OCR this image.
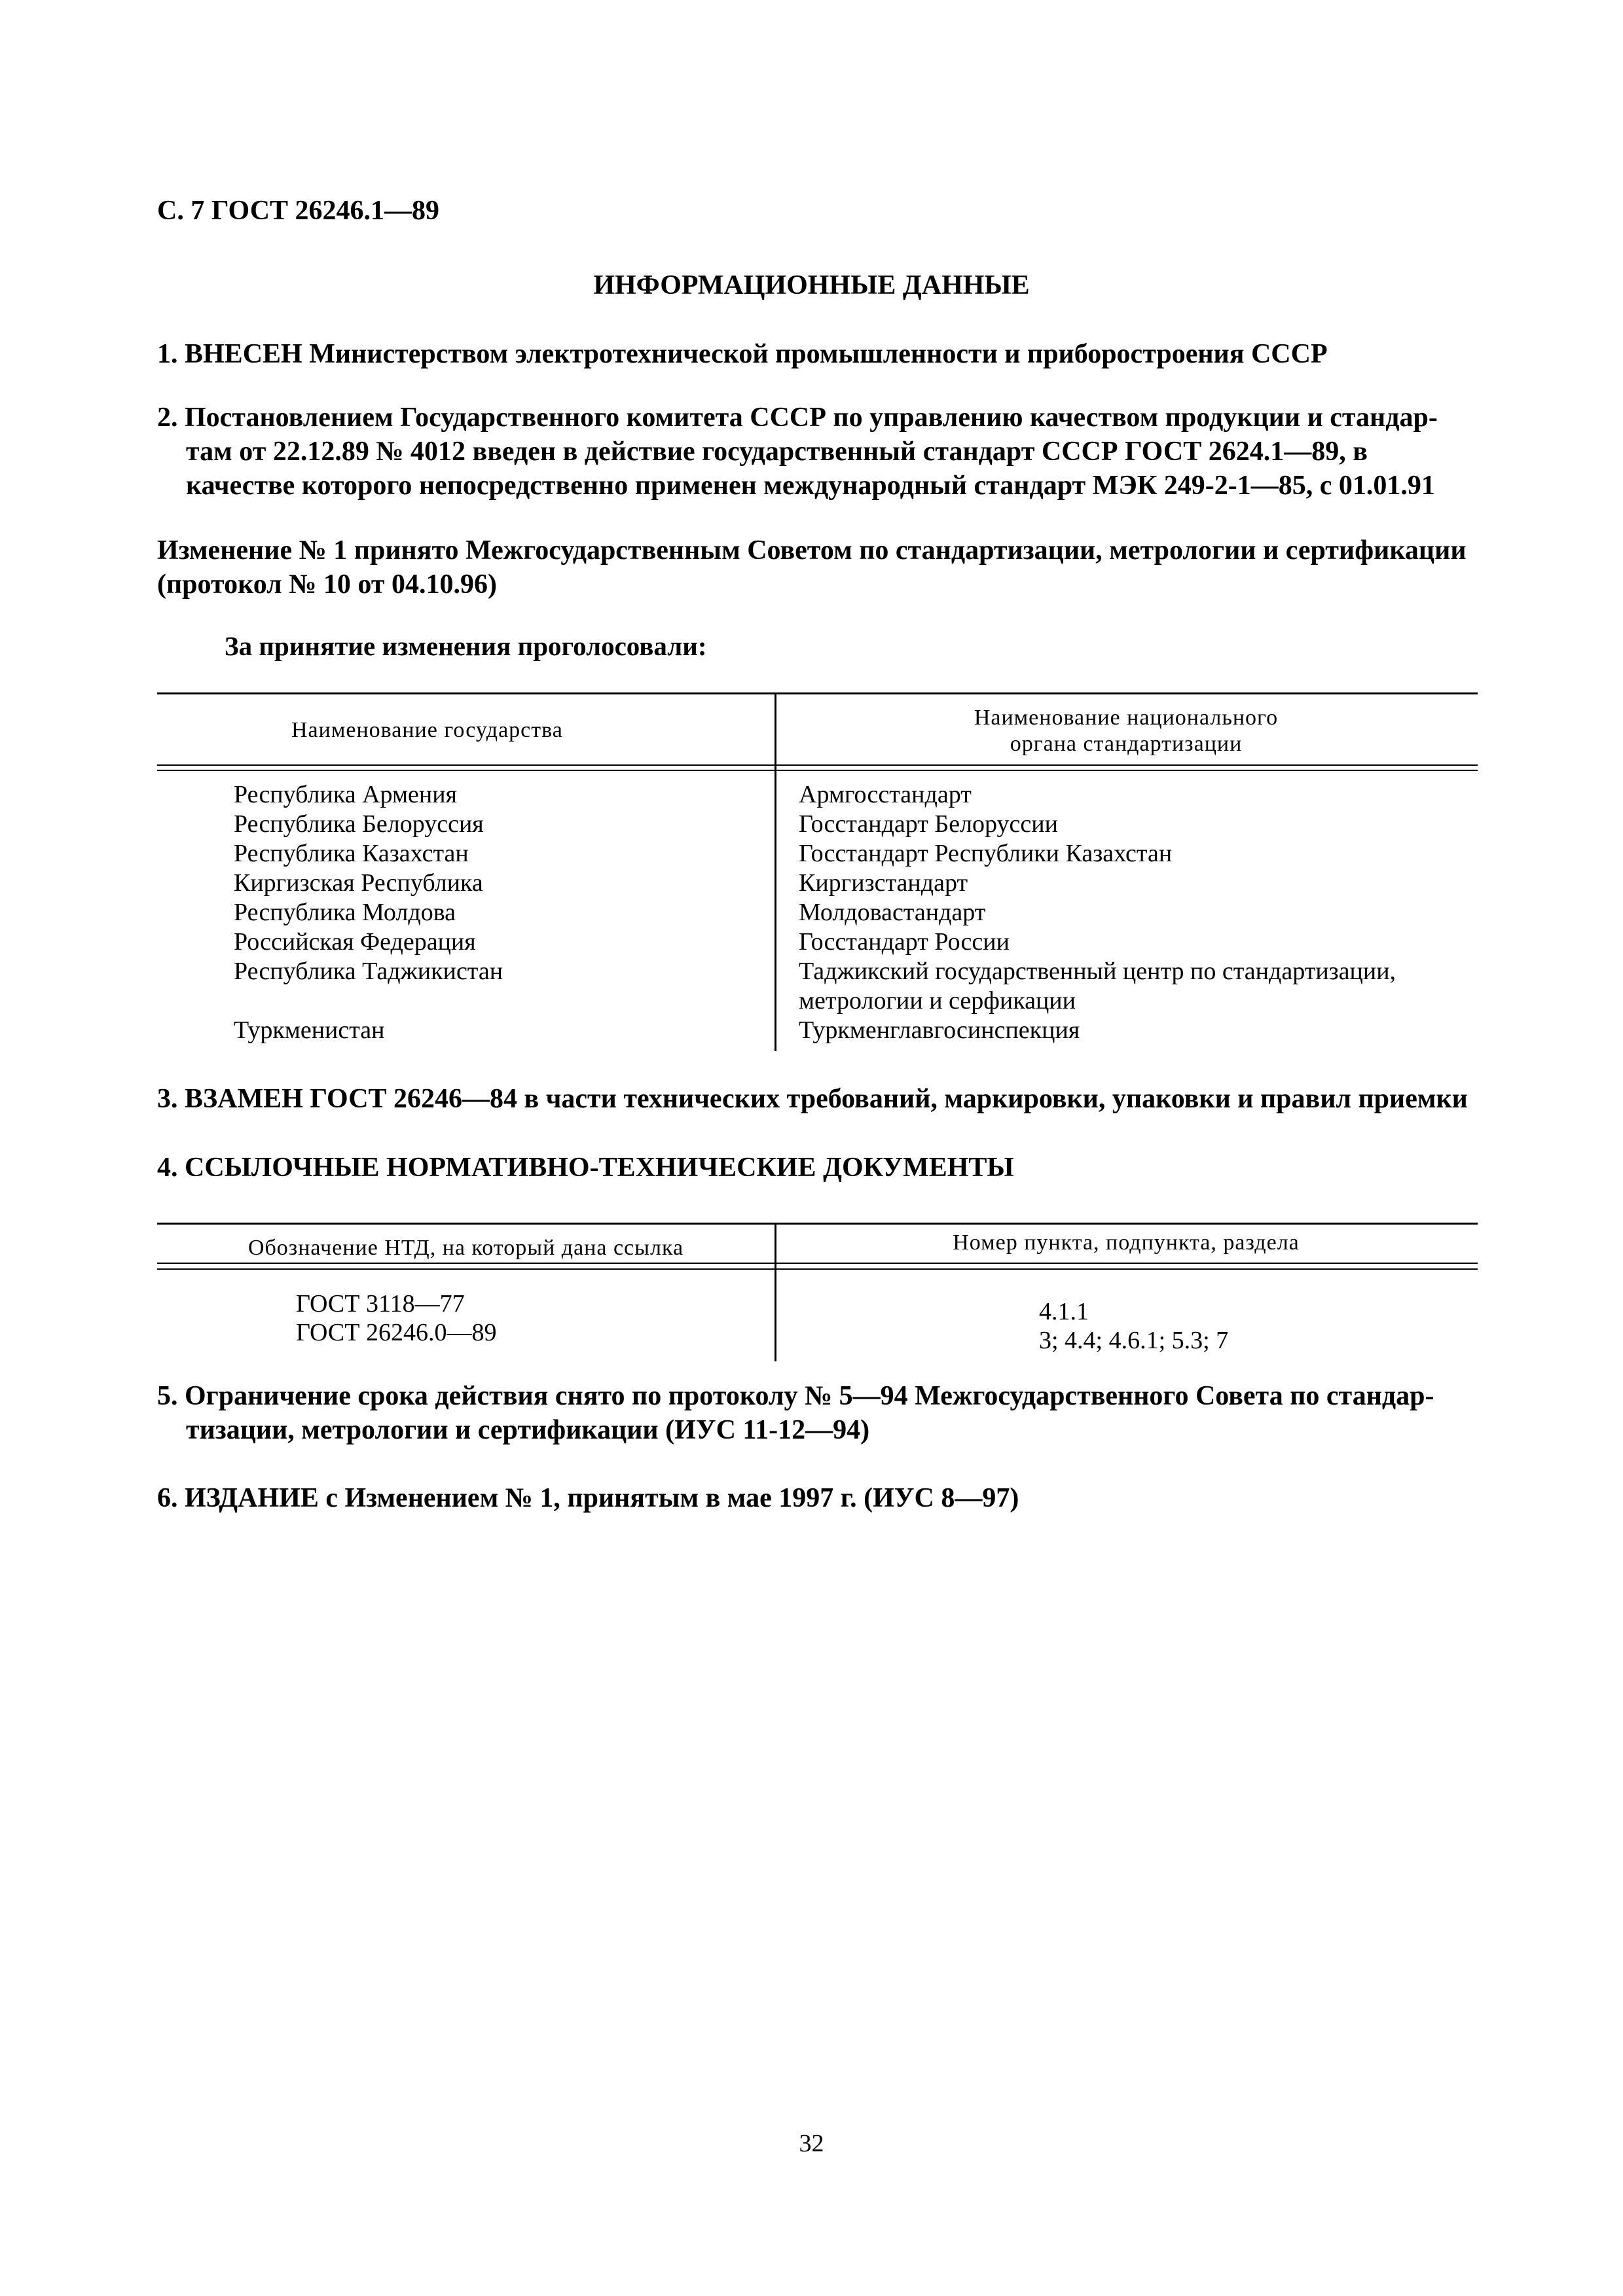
С. 7 ГОСТ 26246.1—89
ИНФОРМАЦИОННЫЕ ДАННЫЕ
1. ВНЕСЕН Министерством электротехнической промышленности и приборостроения СССР
2. Постановлением Государственного комитета СССР по управлению качеством продукции и стандар-
там от 22.12.89 № 4012 введен в действие государственный стандарт СССР ГОСТ 2624.1—89, в
качестве которого непосредственно применен международный стандарт МЭК 249-2-1—85, с 01.01.91
Изменение № 1 принято Межгосударственным Советом по стандартизации, метрологии и сертификации
(протокол № 10 от 04.10.96)
За принятие изменения проголосовали:
Наименование государства
Наименование национального
органа стандартизации
Республика Армения
Республика Белоруссия
Республика Казахстан
Киргизская Республика
Республика Молдова
Российская Федерация
Республика Таджикистан
Туркменистан
Армгосстандарт
Госстандарт Белоруссии
Госстандарт Республики Казахстан
Киргизстандарт
Молдовастандарт
Госстандарт России
Таджикский государственный центр по стандартизации,
метрологии и серфикации
Туркменглавгосинспекция
3. ВЗАМЕН ГОСТ 26246—84 в части технических требований, маркировки, упаковки и правил приемки
4. ССЫЛОЧНЫЕ НОРМАТИВНО-ТЕХНИЧЕСКИЕ ДОКУМЕНТЫ
Обозначение НТД, на который дана ссылка	Номер пункта, подпункта, раздела
ГОСТ 3118—77
ГОСТ 26246.0—89
4.1.1
3; 4.4; 4.6.1; 5.3; 7
5. Ограничение срока действия снято по протоколу № 5—94 Межгосударственного Совета по стандар-
тизации, метрологии и сертификации (ИУС 11-12—94)
6. ИЗДАНИЕ с Изменением № 1, принятым в мае 1997 г. (ИУС 8—97)
32
